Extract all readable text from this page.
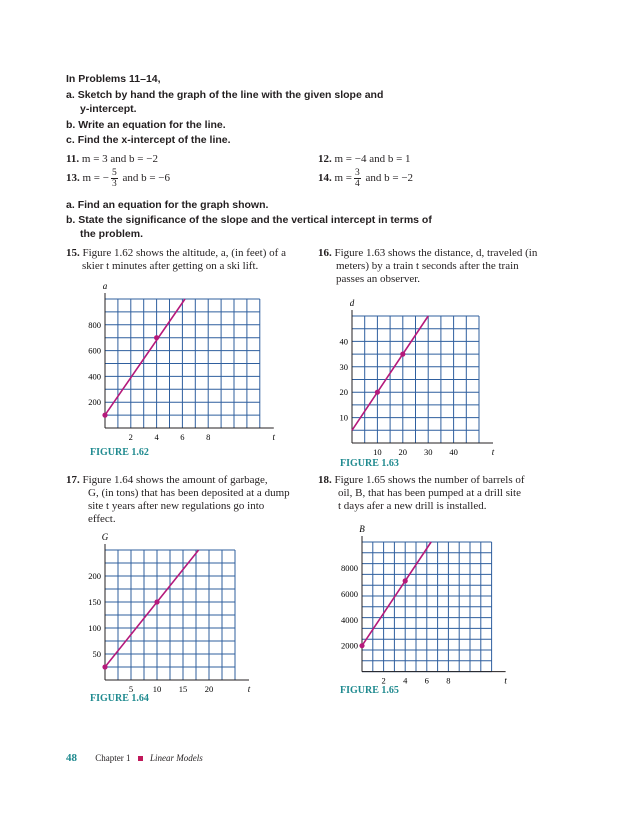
In Problems 11–14,
a. Sketch by hand the graph of the line with the given slope and
y-intercept.
b. Write an equation for the line.
c. Find the x-intercept of the line.
11. m = 3 and b = −2	12. m = −4 and b = 1
13. m = − $\frac{5}{3}$ and b = −6	14. $m = \frac{3}{4}$ and b = −2
a. Find an equation for the graph shown.
b. State the significance of the slope and the vertical intercept in terms of
the problem.
15. Figure 1.62 shows the altitude, a, (in feet) of a
skier t minutes after getting on a ski lift.
16. Figure 1.63 shows the distance, d, traveled (in
meters) by a train t seconds after the train
passes an observer.
17. Figure 1.64 shows the amount of garbage,
G, (in tons) that has been deposited at a dump
site t years after new regulations go into
effect.
18. Figure 1.65 shows the number of barrels of
oil, B, that has been pumped at a drill site
t days afer a new drill is installed.
t
a
2	4	6	8
200
400
600
800
t
d
10 20 30 40
10
20
30
40
t
G
5 10 15 20
50
100
150
200
t
B
2 4 6 8
2000
4000
6000
8000
FIGURE 1.62
FIGURE 1.63
FIGURE 1.64
FIGURE 1.65
48 Chapter 1 Linear Models
